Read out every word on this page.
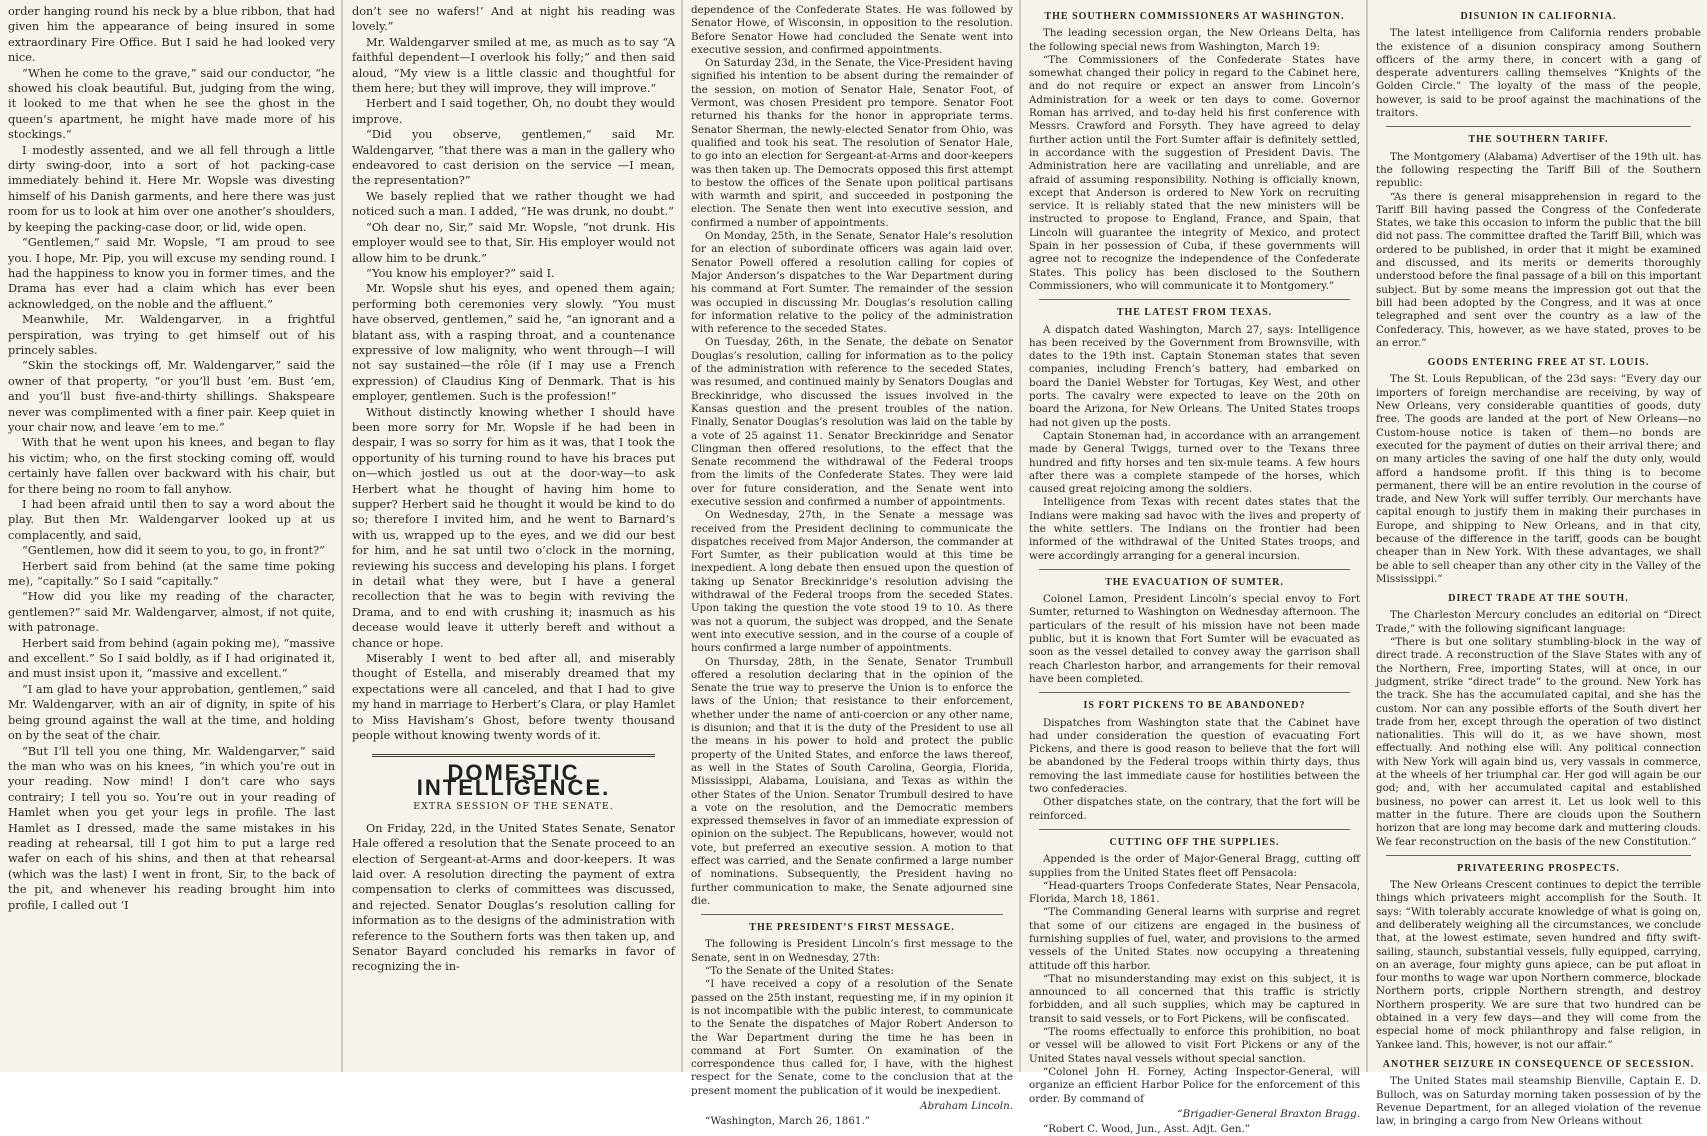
order hanging round his neck by a blue ribbon, that had given him the appearance of being insured in some extraordinary Fire Office. But I said he had looked very nice.

“When he come to the grave,” said our conductor, “he showed his cloak beautiful. But, judging from the wing, it looked to me that when he see the ghost in the queen’s apartment, he might have made more of his stockings.”

I modestly assented, and we all fell through a little dirty swing-door, into a sort of hot packing-case immediately behind it. Here Mr. Wopsle was divesting himself of his Danish garments, and here there was just room for us to look at him over one another’s shoulders, by keeping the packing-case door, or lid, wide open.

“Gentlemen,” said Mr. Wopsle, “I am proud to see you. I hope, Mr. Pip, you will excuse my sending round. I had the happiness to know you in former times, and the Drama has ever had a claim which has ever been acknowledged, on the noble and the affluent.”

Meanwhile, Mr. Waldengarver, in a frightful perspiration, was trying to get himself out of his princely sables.

“Skin the stockings off, Mr. Waldengarver,” said the owner of that property, “or you’ll bust ’em. Bust ’em, and you’ll bust five-and-thirty shillings. Shakspeare never was complimented with a finer pair. Keep quiet in your chair now, and leave ’em to me.”

With that he went upon his knees, and began to flay his victim; who, on the first stocking coming off, would certainly have fallen over backward with his chair, but for there being no room to fall anyhow.

I had been afraid until then to say a word about the play. But then Mr. Waldengarver looked up at us complacently, and said,

“Gentlemen, how did it seem to you, to go, in front?”

Herbert said from behind (at the same time poking me), “capitally.” So I said “capitally.”

“How did you like my reading of the character, gentlemen?” said Mr. Waldengarver, almost, if not quite, with patronage.

Herbert said from behind (again poking me), “massive and excellent.” So I said boldly, as if I had originated it, and must insist upon it, “massive and excellent.”

“I am glad to have your approbation, gentlemen,” said Mr. Waldengarver, with an air of dignity, in spite of his being ground against the wall at the time, and holding on by the seat of the chair.

“But I’ll tell you one thing, Mr. Waldengarver,” said the man who was on his knees, “in which you’re out in your reading. Now mind! I don’t care who says contrairy; I tell you so. You’re out in your reading of Hamlet when you get your legs in profile. The last Hamlet as I dressed, made the same mistakes in his reading at rehearsal, till I got him to put a large red wafer on each of his shins, and then at that rehearsal (which was the last) I went in front, Sir, to the back of the pit, and whenever his reading brought him into profile, I called out ‘I

don’t see no wafers!’ And at night his reading was lovely.”

Mr. Waldengarver smiled at me, as much as to say “A faithful dependent—I overlook his folly;” and then said aloud, “My view is a little classic and thoughtful for them here; but they will improve, they will improve.”

Herbert and I said together, Oh, no doubt they would improve.

“Did you observe, gentlemen,” said Mr. Waldengarver, “that there was a man in the gallery who endeavored to cast derision on the service —I mean, the representation?”

We basely replied that we rather thought we had noticed such a man. I added, “He was drunk, no doubt.”

“Oh dear no, Sir,” said Mr. Wopsle, “not drunk. His employer would see to that, Sir. His employer would not allow him to be drunk.”

“You know his employer?” said I.

Mr. Wopsle shut his eyes, and opened them again; performing both ceremonies very slowly. “You must have observed, gentlemen,” said he, “an ignorant and a blatant ass, with a rasping throat, and a countenance expressive of low malignity, who went through—I will not say sustained—the rôle (if I may use a French expression) of Claudius King of Denmark. That is his employer, gentlemen. Such is the profession!”

Without distinctly knowing whether I should have been more sorry for Mr. Wopsle if he had been in despair, I was so sorry for him as it was, that I took the opportunity of his turning round to have his braces put on—which jostled us out at the door-way—to ask Herbert what he thought of having him home to supper? Herbert said he thought it would be kind to do so; therefore I invited him, and he went to Barnard’s with us, wrapped up to the eyes, and we did our best for him, and he sat until two o’clock in the morning, reviewing his success and developing his plans. I forget in detail what they were, but I have a general recollection that he was to begin with reviving the Drama, and to end with crushing it; inasmuch as his decease would leave it utterly bereft and without a chance or hope.

Miserably I went to bed after all, and miserably thought of Estella, and miserably dreamed that my expectations were all canceled, and that I had to give my hand in marriage to Herbert’s Clara, or play Hamlet to Miss Havisham’s Ghost, before twenty thousand people without knowing twenty words of it.

DOMESTIC INTELLIGENCE.
EXTRA SESSION OF THE SENATE.

On Friday, 22d, in the United States Senate, Senator Hale offered a resolution that the Senate proceed to an election of Sergeant-at-Arms and door-keepers. It was laid over. A resolution directing the payment of extra compensation to clerks of committees was discussed, and rejected. Senator Douglas’s resolution calling for information as to the designs of the administration with reference to the Southern forts was then taken up, and Senator Bayard concluded his remarks in favor of recognizing the in-

dependence of the Confederate States. He was followed by Senator Howe, of Wisconsin, in opposition to the resolution. Before Senator Howe had concluded the Senate went into executive session, and confirmed appointments.

On Saturday 23d, in the Senate, the Vice-President having signified his intention to be absent during the remainder of the session, on motion of Senator Hale, Senator Foot, of Vermont, was chosen President pro tempore. Senator Foot returned his thanks for the honor in appropriate terms. Senator Sherman, the newly-elected Senator from Ohio, was qualified and took his seat. The resolution of Senator Hale, to go into an election for Sergeant-at-Arms and door-keepers was then taken up. The Democrats opposed this first attempt to bestow the offices of the Senate upon political partisans with warmth and spirit, and succeeded in postponing the election. The Senate then went into executive session, and confirmed a number of appointments.

On Monday, 25th, in the Senate, Senator Hale’s resolution for an election of subordinate officers was again laid over. Senator Powell offered a resolution calling for copies of Major Anderson’s dispatches to the War Department during his command at Fort Sumter. The remainder of the session was occupied in discussing Mr. Douglas’s resolution calling for information relative to the policy of the administration with reference to the seceded States.

On Tuesday, 26th, in the Senate, the debate on Senator Douglas’s resolution, calling for information as to the policy of the administration with reference to the seceded States, was resumed, and continued mainly by Senators Douglas and Breckinridge, who discussed the issues involved in the Kansas question and the present troubles of the nation. Finally, Senator Douglas’s resolution was laid on the table by a vote of 25 against 11. Senator Breckinridge and Senator Clingman then offered resolutions, to the effect that the Senate recommend the withdrawal of the Federal troops from the limits of the Confederate States. They were laid over for future consideration, and the Senate went into executive session and confirmed a number of appointments.

On Wednesday, 27th, in the Senate a message was received from the President declining to communicate the dispatches received from Major Anderson, the commander at Fort Sumter, as their publication would at this time be inexpedient. A long debate then ensued upon the question of taking up Senator Breckinridge’s resolution advising the withdrawal of the Federal troops from the seceded States. Upon taking the question the vote stood 19 to 10. As there was not a quorum, the subject was dropped, and the Senate went into executive session, and in the course of a couple of hours confirmed a large number of appointments.

On Thursday, 28th, in the Senate, Senator Trumbull offered a resolution declaring that in the opinion of the Senate the true way to preserve the Union is to enforce the laws of the Union; that resistance to their enforcement, whether under the name of anti-coercion or any other name, is disunion; and that it is the duty of the President to use all the means in his power to hold and protect the public property of the United States, and enforce the laws thereof, as well in the States of South Carolina, Georgia, Florida, Mississippi, Alabama, Louisiana, and Texas as within the other States of the Union. Senator Trumbull desired to have a vote on the resolution, and the Democratic members expressed themselves in favor of an immediate expression of opinion on the subject. The Republicans, however, would not vote, but preferred an executive session. A motion to that effect was carried, and the Senate confirmed a large number of nominations. Subsequently, the President having no further communication to make, the Senate adjourned sine die.

THE PRESIDENT’S FIRST MESSAGE.

The following is President Lincoln’s first message to the Senate, sent in on Wednesday, 27th:

“To the Senate of the United States:

“I have received a copy of a resolution of the Senate passed on the 25th instant, requesting me, if in my opinion it is not incompatible with the public interest, to communicate to the Senate the dispatches of Major Robert Anderson to the War Department during the time he has been in command at Fort Sumter. On examination of the correspondence thus called for, I have, with the highest respect for the Senate, come to the conclusion that at the present moment the publication of it would be inexpedient.

Abraham Lincoln.

“Washington, March 26, 1861.”

THE SOUTHERN COMMISSIONERS AT WASHINGTON.

The leading secession organ, the New Orleans Delta, has the following special news from Washington, March 19:

“The Commissioners of the Confederate States have somewhat changed their policy in regard to the Cabinet here, and do not require or expect an answer from Lincoln’s Administration for a week or ten days to come. Governor Roman has arrived, and to-day held his first conference with Messrs. Crawford and Forsyth. They have agreed to delay further action until the Fort Sumter affair is definitely settled, in accordance with the suggestion of President Davis. The Administration here are vacillating and unreliable, and are afraid of assuming responsibility. Nothing is officially known, except that Anderson is ordered to New York on recruiting service. It is reliably stated that the new ministers will be instructed to propose to England, France, and Spain, that Lincoln will guarantee the integrity of Mexico, and protect Spain in her possession of Cuba, if these governments will agree not to recognize the independence of the Confederate States. This policy has been disclosed to the Southern Commissioners, who will communicate it to Montgomery.”

THE LATEST FROM TEXAS.

A dispatch dated Washington, March 27, says: Intelligence has been received by the Government from Brownsville, with dates to the 19th inst. Captain Stoneman states that seven companies, including French’s battery, had embarked on board the Daniel Webster for Tortugas, Key West, and other ports. The cavalry were expected to leave on the 20th on board the Arizona, for New Orleans. The United States troops had not given up the posts.

Captain Stoneman had, in accordance with an arrangement made by General Twiggs, turned over to the Texans three hundred and fifty horses and ten six-mule teams. A few hours after there was a complete stampede of the horses, which caused great rejoicing among the soldiers.

Intelligence from Texas with recent dates states that the Indians were making sad havoc with the lives and property of the white settlers. The Indians on the frontier had been informed of the withdrawal of the United States troops, and were accordingly arranging for a general incursion.

THE EVACUATION OF SUMTER.

Colonel Lamon, President Lincoln’s special envoy to Fort Sumter, returned to Washington on Wednesday afternoon. The particulars of the result of his mission have not been made public, but it is known that Fort Sumter will be evacuated as soon as the vessel detailed to convey away the garrison shall reach Charleston harbor, and arrangements for their removal have been completed.

IS FORT PICKENS TO BE ABANDONED?

Dispatches from Washington state that the Cabinet have had under consideration the question of evacuating Fort Pickens, and there is good reason to believe that the fort will be abandoned by the Federal troops within thirty days, thus removing the last immediate cause for hostilities between the two confederacies.

Other dispatches state, on the contrary, that the fort will be reinforced.

CUTTING OFF THE SUPPLIES.

Appended is the order of Major-General Bragg, cutting off supplies from the United States fleet off Pensacola:

“Head-quarters Troops Confederate States, Near Pensacola, Florida, March 18, 1861.

“The Commanding General learns with surprise and regret that some of our citizens are engaged in the business of furnishing supplies of fuel, water, and provisions to the armed vessels of the United States now occupying a threatening attitude off this harbor.

“That no misunderstanding may exist on this subject, it is announced to all concerned that this traffic is strictly forbidden, and all such supplies, which may be captured in transit to said vessels, or to Fort Pickens, will be confiscated.

“The rooms effectually to enforce this prohibition, no boat or vessel will be allowed to visit Fort Pickens or any of the United States naval vessels without special sanction.

“Colonel John H. Forney, Acting Inspector-General, will organize an efficient Harbor Police for the enforcement of this order. By command of

“Brigadier-General Braxton Bragg.

“Robert C. Wood, Jun., Asst. Adjt. Gen.”

DISUNION IN CALIFORNIA.

The latest intelligence from California renders probable the existence of a disunion conspiracy among Southern officers of the army there, in concert with a gang of desperate adventurers calling themselves “Knights of the Golden Circle.” The loyalty of the mass of the people, however, is said to be proof against the machinations of the traitors.

THE SOUTHERN TARIFF.

The Montgomery (Alabama) Advertiser of the 19th ult. has the following respecting the Tariff Bill of the Southern republic:

“As there is general misapprehension in regard to the Tariff Bill having passed the Congress of the Confederate States, we take this occasion to inform the public that the bill did not pass. The committee drafted the Tariff Bill, which was ordered to be published, in order that it might be examined and discussed, and its merits or demerits thoroughly understood before the final passage of a bill on this important subject. But by some means the impression got out that the bill had been adopted by the Congress, and it was at once telegraphed and sent over the country as a law of the Confederacy. This, however, as we have stated, proves to be an error.”

GOODS ENTERING FREE AT ST. LOUIS.

The St. Louis Republican, of the 23d says: “Every day our importers of foreign merchandise are receiving, by way of New Orleans, very considerable quantities of goods, duty free. The goods are landed at the port of New Orleans—no Custom-house notice is taken of them—no bonds are executed for the payment of duties on their arrival there; and on many articles the saving of one half the duty only, would afford a handsome profit. If this thing is to become permanent, there will be an entire revolution in the course of trade, and New York will suffer terribly. Our merchants have capital enough to justify them in making their purchases in Europe, and shipping to New Orleans, and in that city, because of the difference in the tariff, goods can be bought cheaper than in New York. With these advantages, we shall be able to sell cheaper than any other city in the Valley of the Mississippi.”

DIRECT TRADE AT THE SOUTH.

The Charleston Mercury concludes an editorial on “Direct Trade,” with the following significant language:

“There is but one solitary stumbling-block in the way of direct trade. A reconstruction of the Slave States with any of the Northern, Free, importing States, will at once, in our judgment, strike “direct trade” to the ground. New York has the track. She has the accumulated capital, and she has the custom. Nor can any possible efforts of the South divert her trade from her, except through the operation of two distinct nationalities. This will do it, as we have shown, most effectually. And nothing else will. Any political connection with New York will again bind us, very vassals in commerce, at the wheels of her triumphal car. Her god will again be our god; and, with her accumulated capital and established business, no power can arrest it. Let us look well to this matter in the future. There are clouds upon the Southern horizon that are long may become dark and muttering clouds. We fear reconstruction on the basis of the new Constitution.”

PRIVATEERING PROSPECTS.

The New Orleans Crescent continues to depict the terrible things which privateers might accomplish for the South. It says: “With tolerably accurate knowledge of what is going on, and deliberately weighing all the circumstances, we conclude that, at the lowest estimate, seven hundred and fifty swift-sailing, staunch, substantial vessels, fully equipped, carrying, on an average, four mighty guns apiece, can be put afloat in four months to wage war upon Northern commerce, blockade Northern ports, cripple Northern strength, and destroy Northern prosperity. We are sure that two hundred can be obtained in a very few days—and they will come from the especial home of mock philanthropy and false religion, in Yankee land. This, however, is not our affair.”

ANOTHER SEIZURE IN CONSEQUENCE OF SECESSION.

The United States mail steamship Bienville, Captain E. D. Bulloch, was on Saturday morning taken possession of by the Revenue Department, for an alleged violation of the revenue law, in bringing a cargo from New Orleans without
